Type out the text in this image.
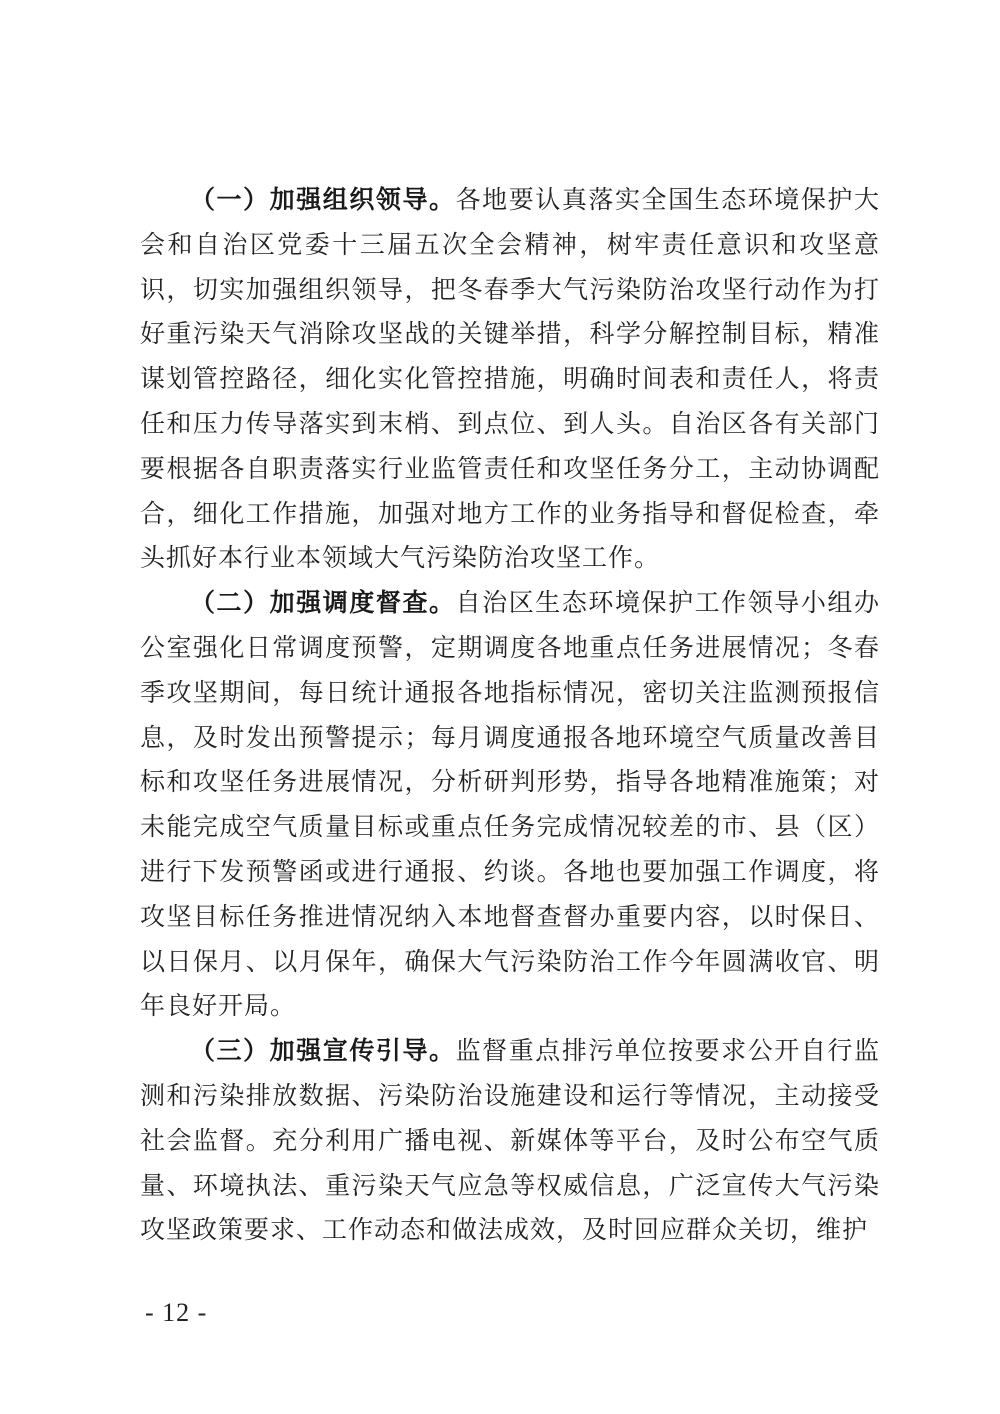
（一）加强组织领导。各地要认真落实全国生态环境保护大会和自治区党委十三届五次全会精神，树牢责任意识和攻坚意识，切实加强组织领导，把冬春季大气污染防治攻坚行动作为打好重污染天气消除攻坚战的关键举措，科学分解控制目标，精准谋划管控路径，细化实化管控措施，明确时间表和责任人，将责任和压力传导落实到末梢、到点位、到人头。自治区各有关部门要根据各自职责落实行业监管责任和攻坚任务分工，主动协调配合，细化工作措施，加强对地方工作的业务指导和督促检查，牵头抓好本行业本领域大气污染防治攻坚工作。

（二）加强调度督查。自治区生态环境保护工作领导小组办公室强化日常调度预警，定期调度各地重点任务进展情况；冬春季攻坚期间，每日统计通报各地指标情况，密切关注监测预报信息，及时发出预警提示；每月调度通报各地环境空气质量改善目标和攻坚任务进展情况，分析研判形势，指导各地精准施策；对未能完成空气质量目标或重点任务完成情况较差的市、县（区）进行下发预警函或进行通报、约谈。各地也要加强工作调度，将攻坚目标任务推进情况纳入本地督查督办重要内容，以时保日、以日保月、以月保年，确保大气污染防治工作今年圆满收官、明年良好开局。

（三）加强宣传引导。监督重点排污单位按要求公开自行监测和污染排放数据、污染防治设施建设和运行等情况，主动接受社会监督。充分利用广播电视、新媒体等平台，及时公布空气质量、环境执法、重污染天气应急等权威信息，广泛宣传大气污染攻坚政策要求、工作动态和做法成效，及时回应群众关切，维护

- 12 -
